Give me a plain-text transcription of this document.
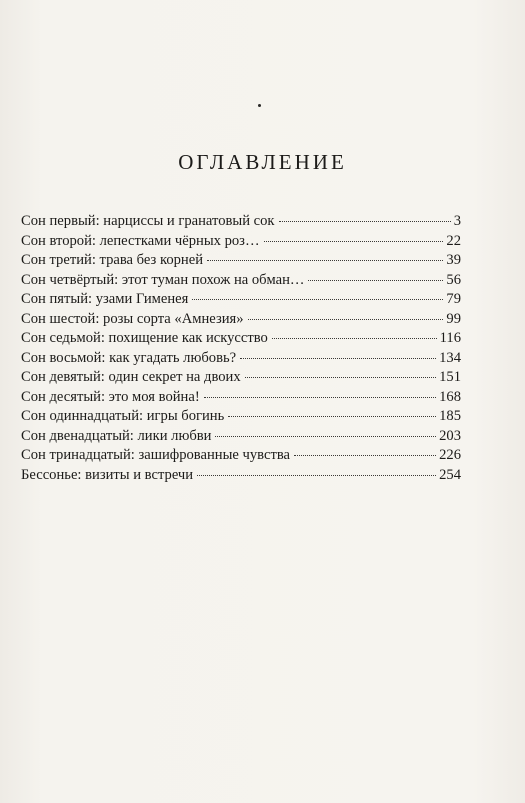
ОГЛАВЛЕНИЕ
Сон первый: нарциссы и гранатовый сок	3
Сон второй: лепестками чёрных роз…	22
Сон третий: трава без корней	39
Сон четвёртый: этот туман похож на обман…	56
Сон пятый: узами Гименея	79
Сон шестой: розы сорта «Амнезия»	99
Сон седьмой: похищение как искусство	116
Сон восьмой: как угадать любовь?	134
Сон девятый: один секрет на двоих	151
Сон десятый: это моя война!	168
Сон одиннадцатый: игры богинь	185
Сон двенадцатый: лики любви	203
Сон тринадцатый: зашифрованные чувства	226
Бессонье: визиты и встречи	254
